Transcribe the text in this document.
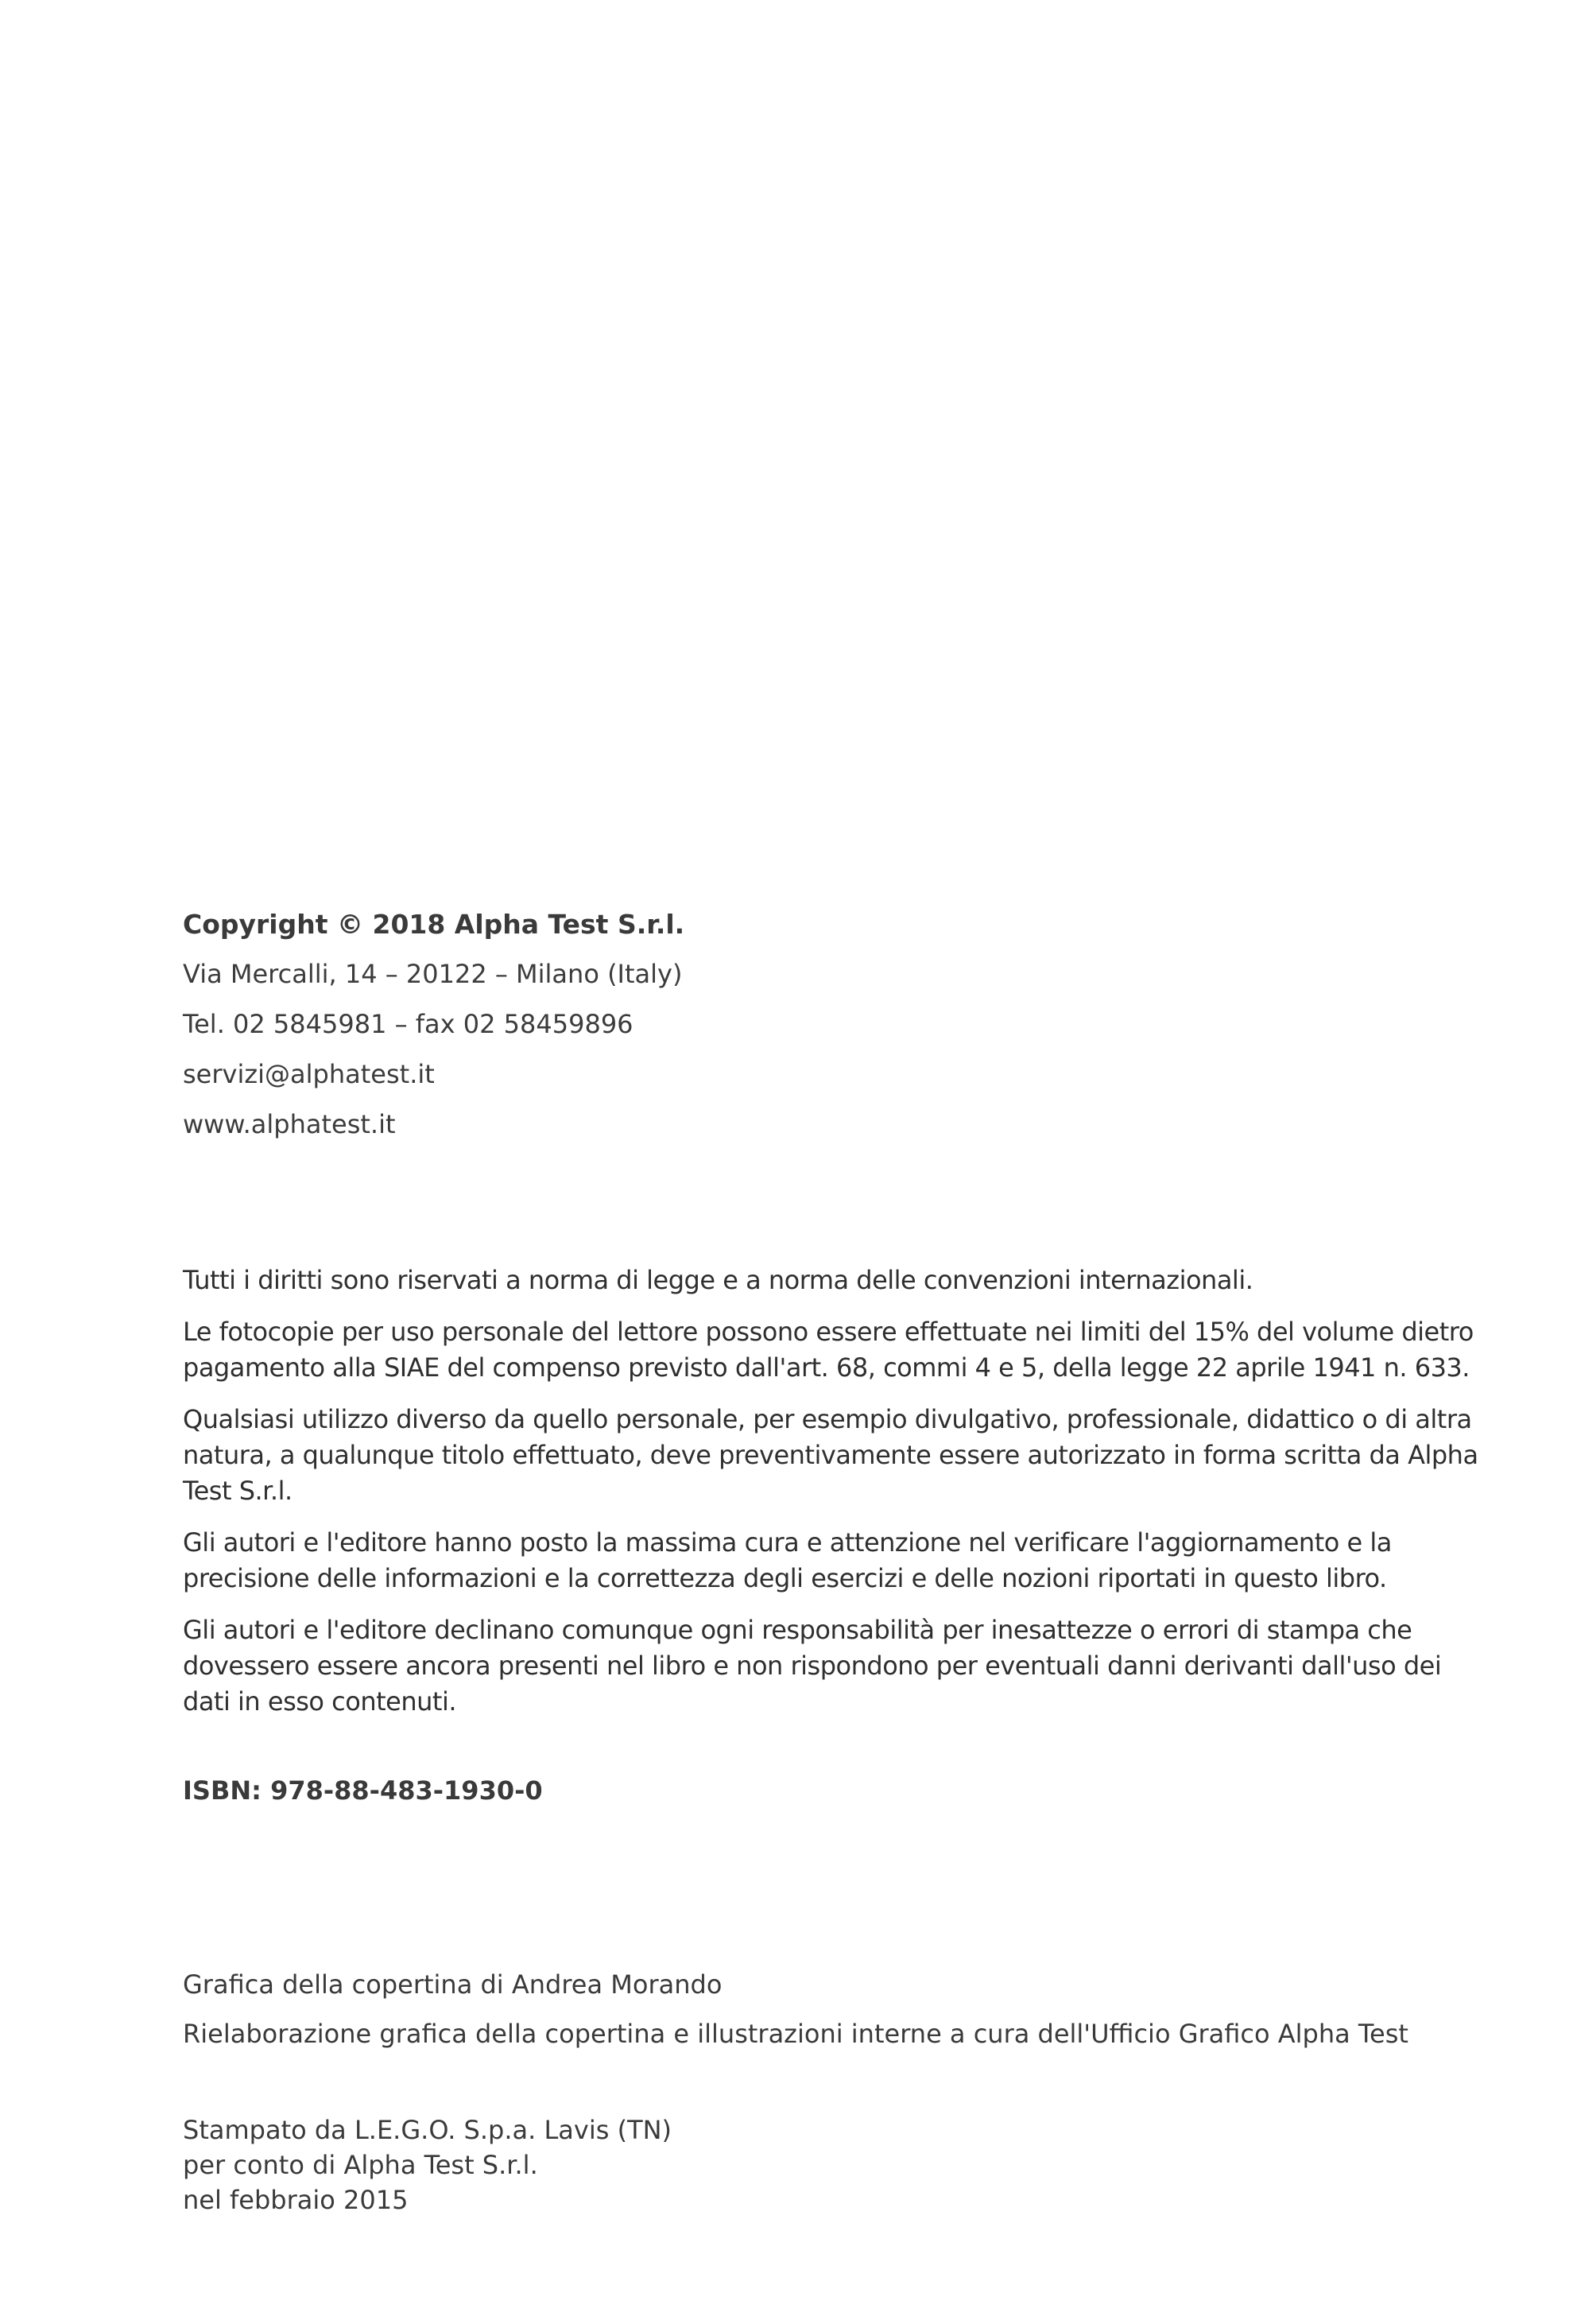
Copyright © 2018 Alpha Test S.r.l.

Via Mercalli, 14 – 20122 – Milano (Italy)

Tel. 02 5845981 – fax 02 58459896

servizi@alphatest.it

www.alphatest.it

Tutti i diritti sono riservati a norma di legge e a norma delle convenzioni internazionali.

Le fotocopie per uso personale del lettore possono essere effettuate nei limiti del 15% del volume dietro pagamento alla SIAE del compenso previsto dall'art. 68, commi 4 e 5, della legge 22 aprile 1941 n. 633.

Qualsiasi utilizzo diverso da quello personale, per esempio divulgativo, professionale, didattico o di altra natura, a qualunque titolo effettuato, deve preventivamente essere autorizzato in forma scritta da Alpha Test S.r.l.

Gli autori e l'editore hanno posto la massima cura e attenzione nel verificare l'aggiornamento e la precisione delle informazioni e la correttezza degli esercizi e delle nozioni riportati in questo libro.

Gli autori e l'editore declinano comunque ogni responsabilità per inesattezze o errori di stampa che dovessero essere ancora presenti nel libro e non rispondono per eventuali danni derivanti dall'uso dei dati in esso contenuti.

ISBN: 978-88-483-1930-0

Grafica della copertina di Andrea Morando

Rielaborazione grafica della copertina e illustrazioni interne a cura dell'Ufficio Grafico Alpha Test

Stampato da L.E.G.O. S.p.a. Lavis (TN)

per conto di Alpha Test S.r.l.

nel febbraio 2015
